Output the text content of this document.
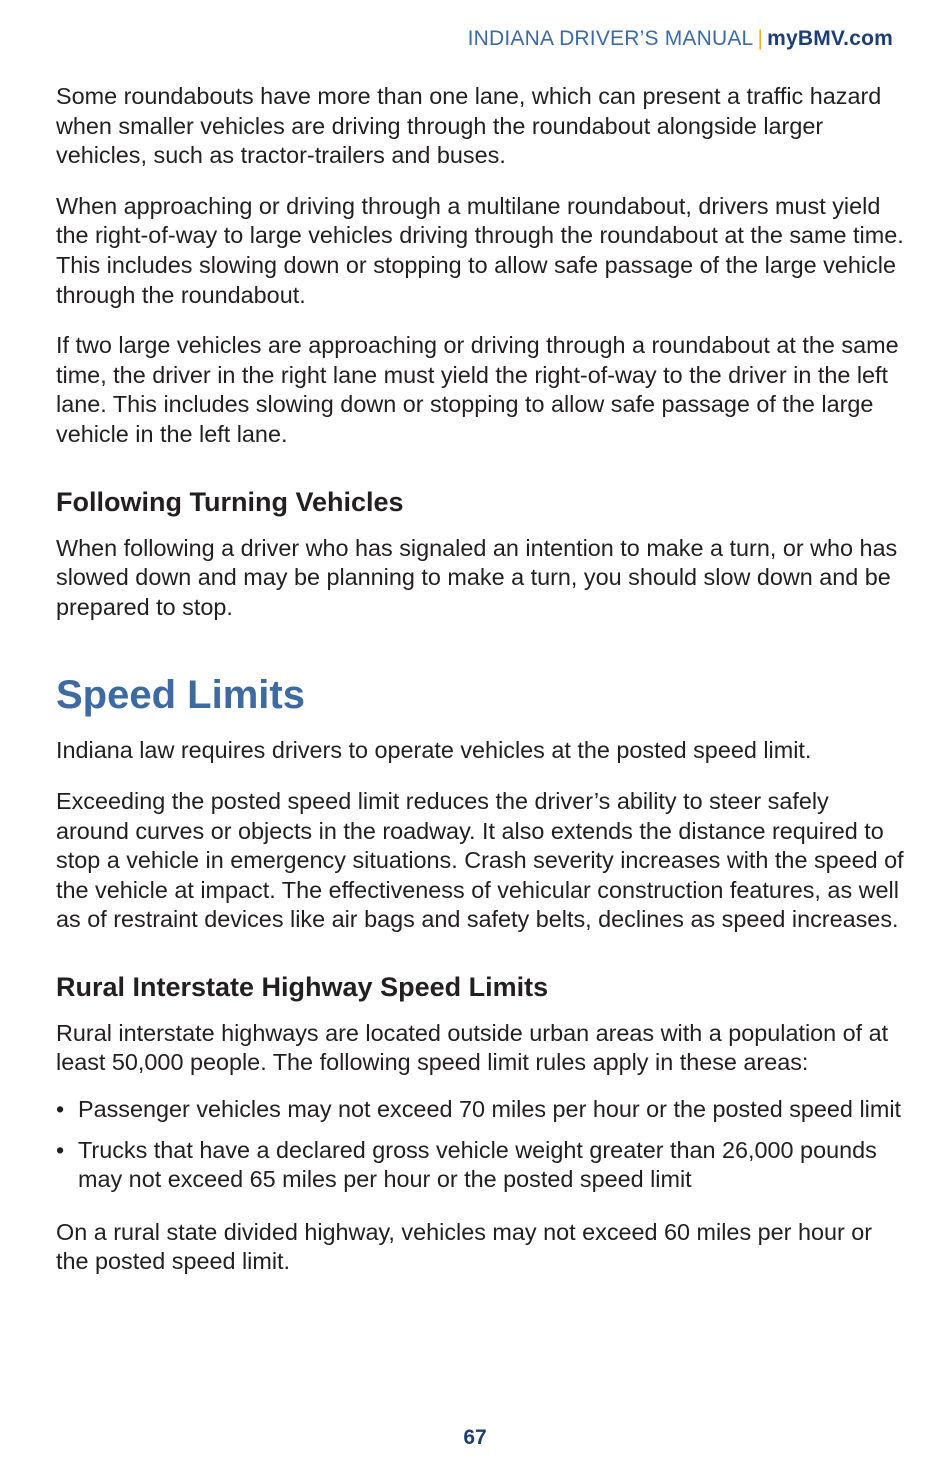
INDIANA DRIVER’S MANUAL | myBMV.com

Some roundabouts have more than one lane, which can present a traffic hazard when smaller vehicles are driving through the roundabout alongside larger vehicles, such as tractor-trailers and buses.

When approaching or driving through a multilane roundabout, drivers must yield the right-of-way to large vehicles driving through the roundabout at the same time. This includes slowing down or stopping to allow safe passage of the large vehicle through the roundabout.

If two large vehicles are approaching or driving through a roundabout at the same time, the driver in the right lane must yield the right-of-way to the driver in the left lane. This includes slowing down or stopping to allow safe passage of the large vehicle in the left lane.

Following Turning Vehicles

When following a driver who has signaled an intention to make a turn, or who has slowed down and may be planning to make a turn, you should slow down and be prepared to stop.

Speed Limits

Indiana law requires drivers to operate vehicles at the posted speed limit.

Exceeding the posted speed limit reduces the driver’s ability to steer safely around curves or objects in the roadway. It also extends the distance required to stop a vehicle in emergency situations. Crash severity increases with the speed of the vehicle at impact. The effectiveness of vehicular construction features, as well as of restraint devices like air bags and safety belts, declines as speed increases.

Rural Interstate Highway Speed Limits

Rural interstate highways are located outside urban areas with a population of at least 50,000 people. The following speed limit rules apply in these areas:

• Passenger vehicles may not exceed 70 miles per hour or the posted speed limit
• Trucks that have a declared gross vehicle weight greater than 26,000 pounds may not exceed 65 miles per hour or the posted speed limit

On a rural state divided highway, vehicles may not exceed 60 miles per hour or the posted speed limit.

67
